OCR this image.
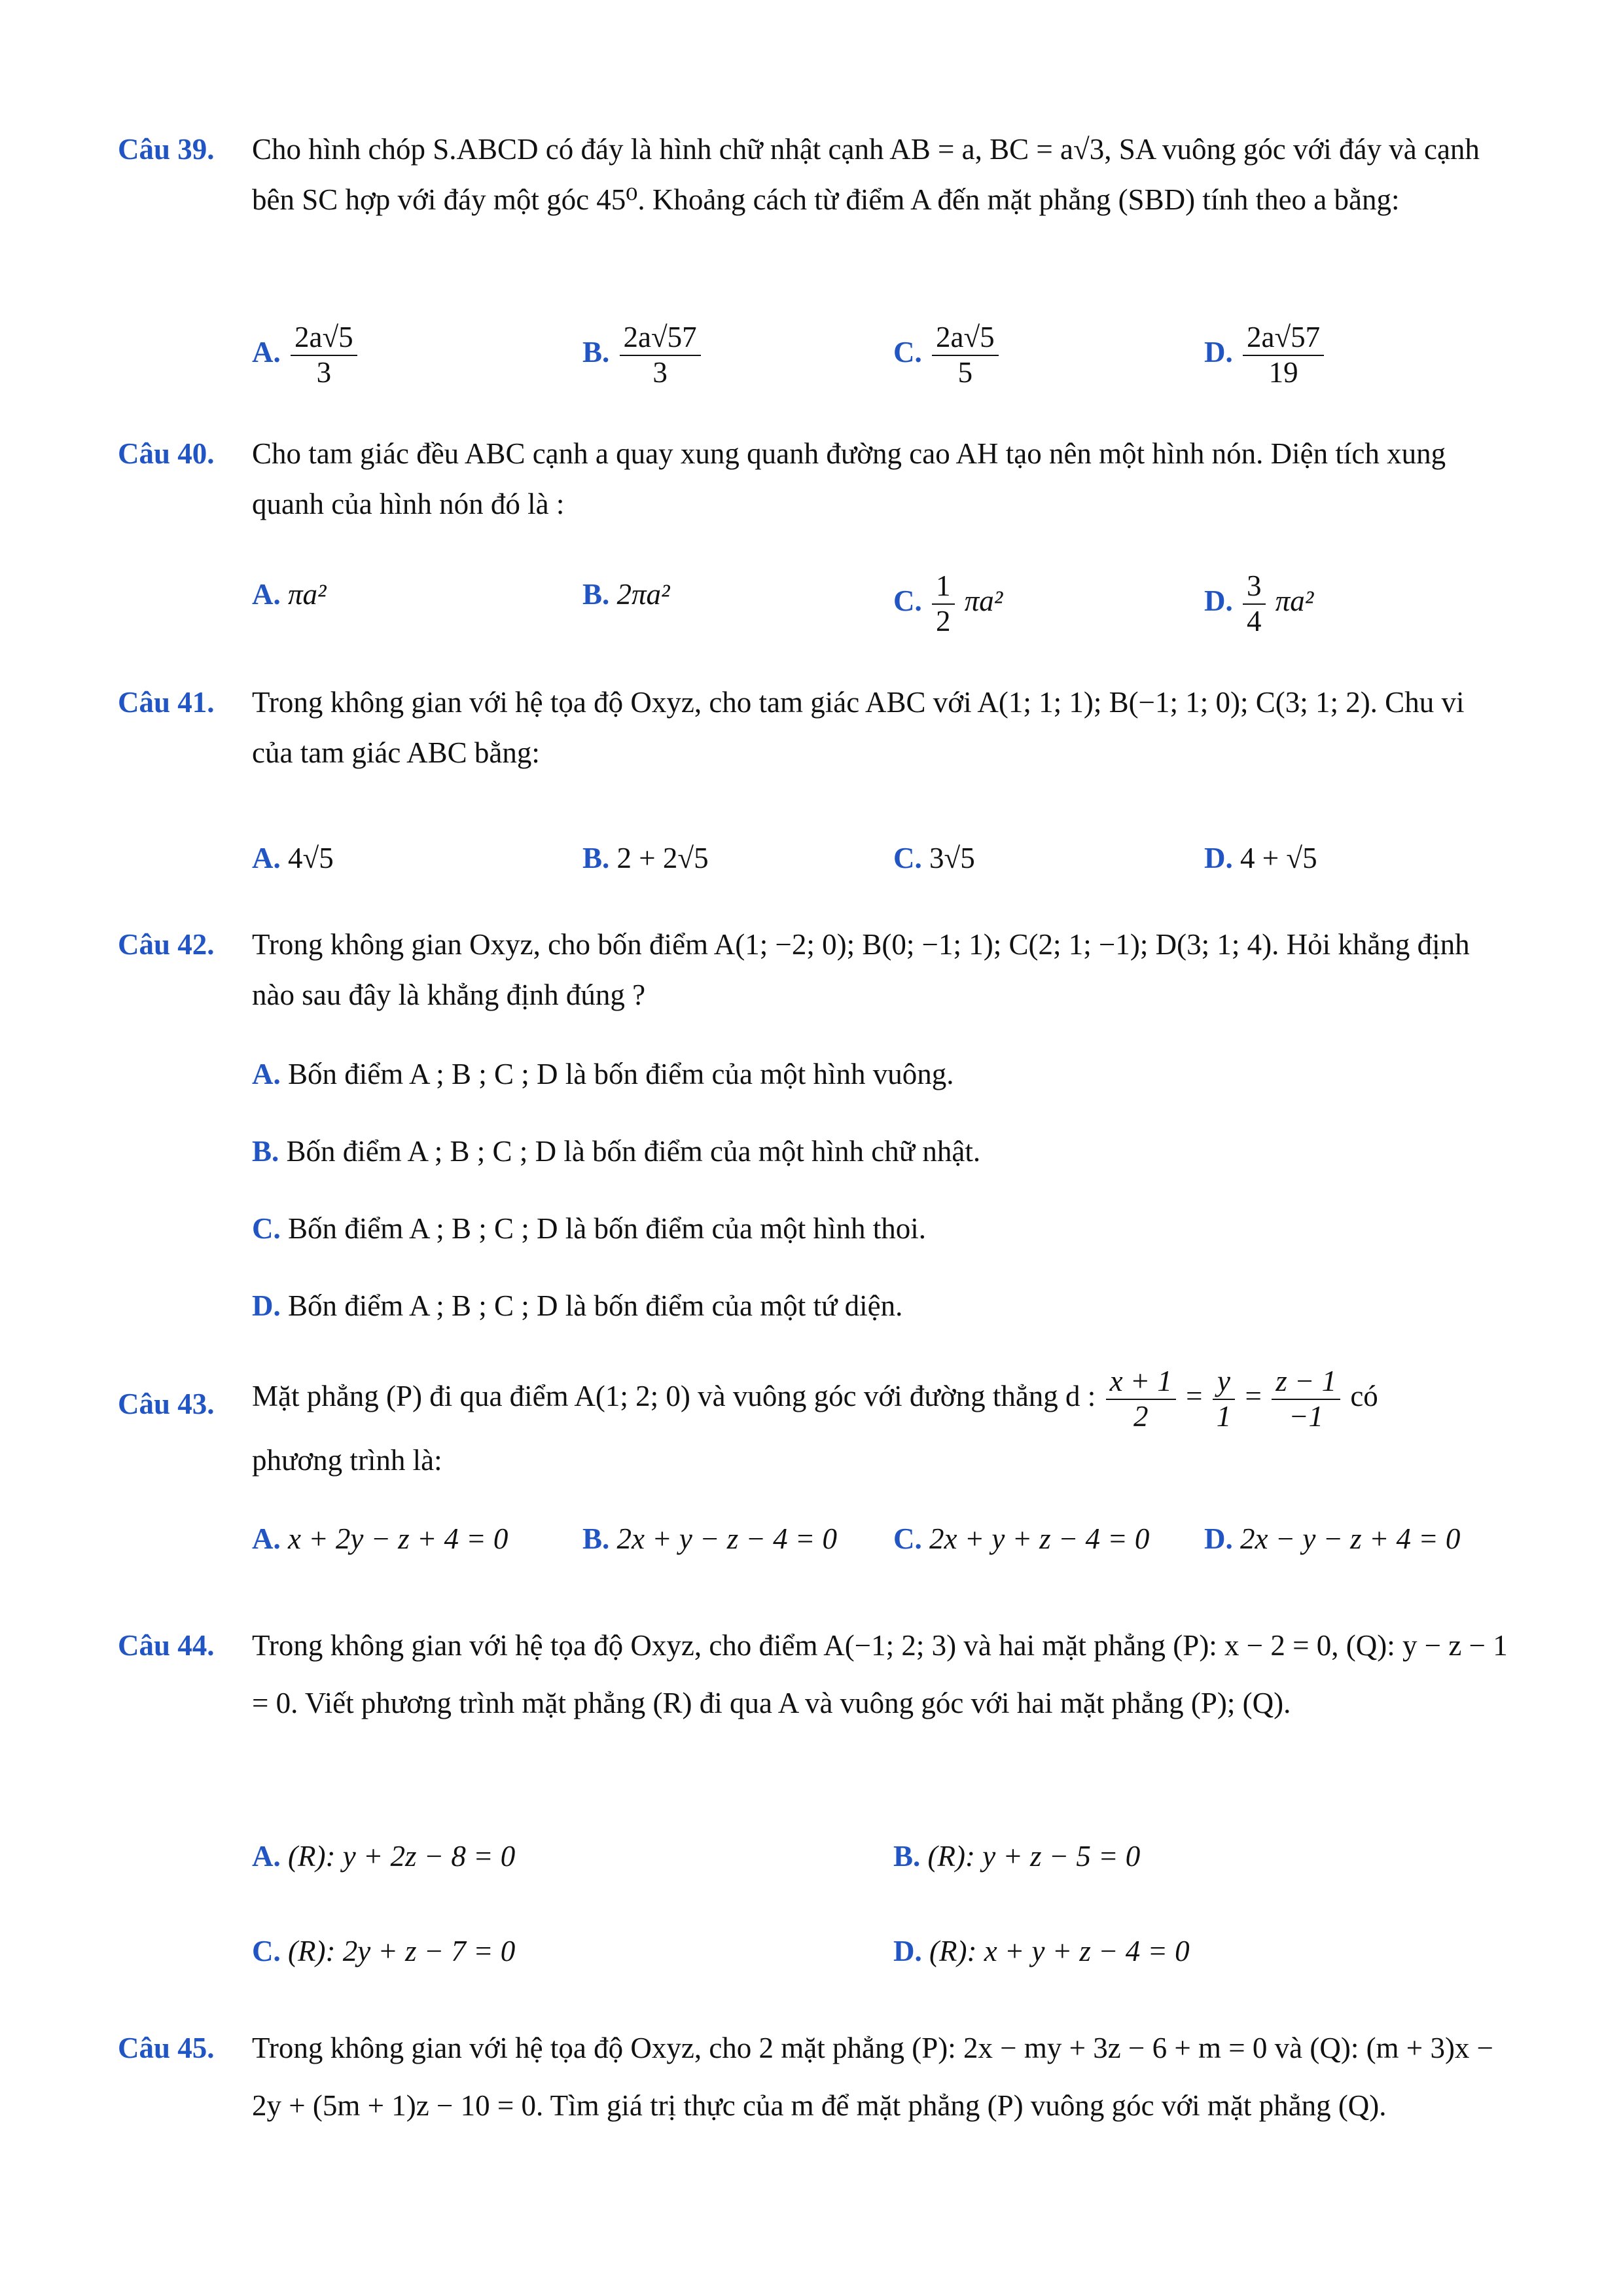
Câu 39. Cho hình chóp S.ABCD có đáy là hình chữ nhật cạnh AB = a, BC = a√3, SA vuông góc với đáy và cạnh bên SC hợp với đáy một góc 45⁰. Khoảng cách từ điểm A đến mặt phẳng (SBD) tính theo a bằng:
A. $\frac{2a√5}{3}$	B. $\frac{2a√57}{3}$	C. $\frac{2a√5}{5}$	D. $\frac{2a√57}{19}$
Câu 40. Cho tam giác đều ABC cạnh a quay xung quanh đường cao AH tạo nên một hình nón. Diện tích xung quanh của hình nón đó là :
A. πa²	B. 2πa²	C. $\frac{1}{2} \pi a^2$	D. $\frac{3}{4} \pi a^2$
Câu 41. Trong không gian với hệ tọa độ Oxyz, cho tam giác ABC với A(1; 1; 1); B(−1; 1; 0); C(3; 1; 2). Chu vi của tam giác ABC bằng:
A. 4√5	B. 2 + 2√5	C. 3√5	D. 4 + √5
Câu 42. Trong không gian Oxyz, cho bốn điểm A(1; −2; 0); B(0; −1; 1); C(2; 1; −1); D(3; 1; 4). Hỏi khẳng định nào sau đây là khẳng định đúng ?
A. Bốn điểm A ; B ; C ; D là bốn điểm của một hình vuông.
B. Bốn điểm A ; B ; C ; D là bốn điểm của một hình chữ nhật.
C. Bốn điểm A ; B ; C ; D là bốn điểm của một hình thoi.
D. Bốn điểm A ; B ; C ; D là bốn điểm của một tứ diện.
Câu 43. Mặt phẳng (P) đi qua điểm A(1; 2; 0) và vuông góc với đường thẳng d : $\frac{x + 1}{2} = \frac{y}{1} = \frac{z - 1}{-1}$ có
phương trình là:
A. x + 2y − z + 4 = 0	B. 2x + y − z − 4 = 0 C. 2x + y + z − 4 = 0 D. 2x − y − z + 4 = 0
Câu 44. Trong không gian với hệ tọa độ Oxyz, cho điểm A(−1; 2; 3) và hai mặt phẳng (P): x − 2 = 0, (Q): y − z − 1 = 0. Viết phương trình mặt phẳng (R) đi qua A và vuông góc với hai mặt phẳng (P); (Q).
A. (R): y + 2z − 8 = 0	B. (R): y + z − 5 = 0
C. (R): 2y + z − 7 = 0	D. (R): x + y + z − 4 = 0
Câu 45. Trong không gian với hệ tọa độ Oxyz, cho 2 mặt phẳng (P): 2x − my + 3z − 6 + m = 0 và (Q): (m + 3)x − 2y + (5m + 1)z − 10 = 0. Tìm giá trị thực của m để mặt phẳng (P) vuông góc với mặt phẳng (Q).
